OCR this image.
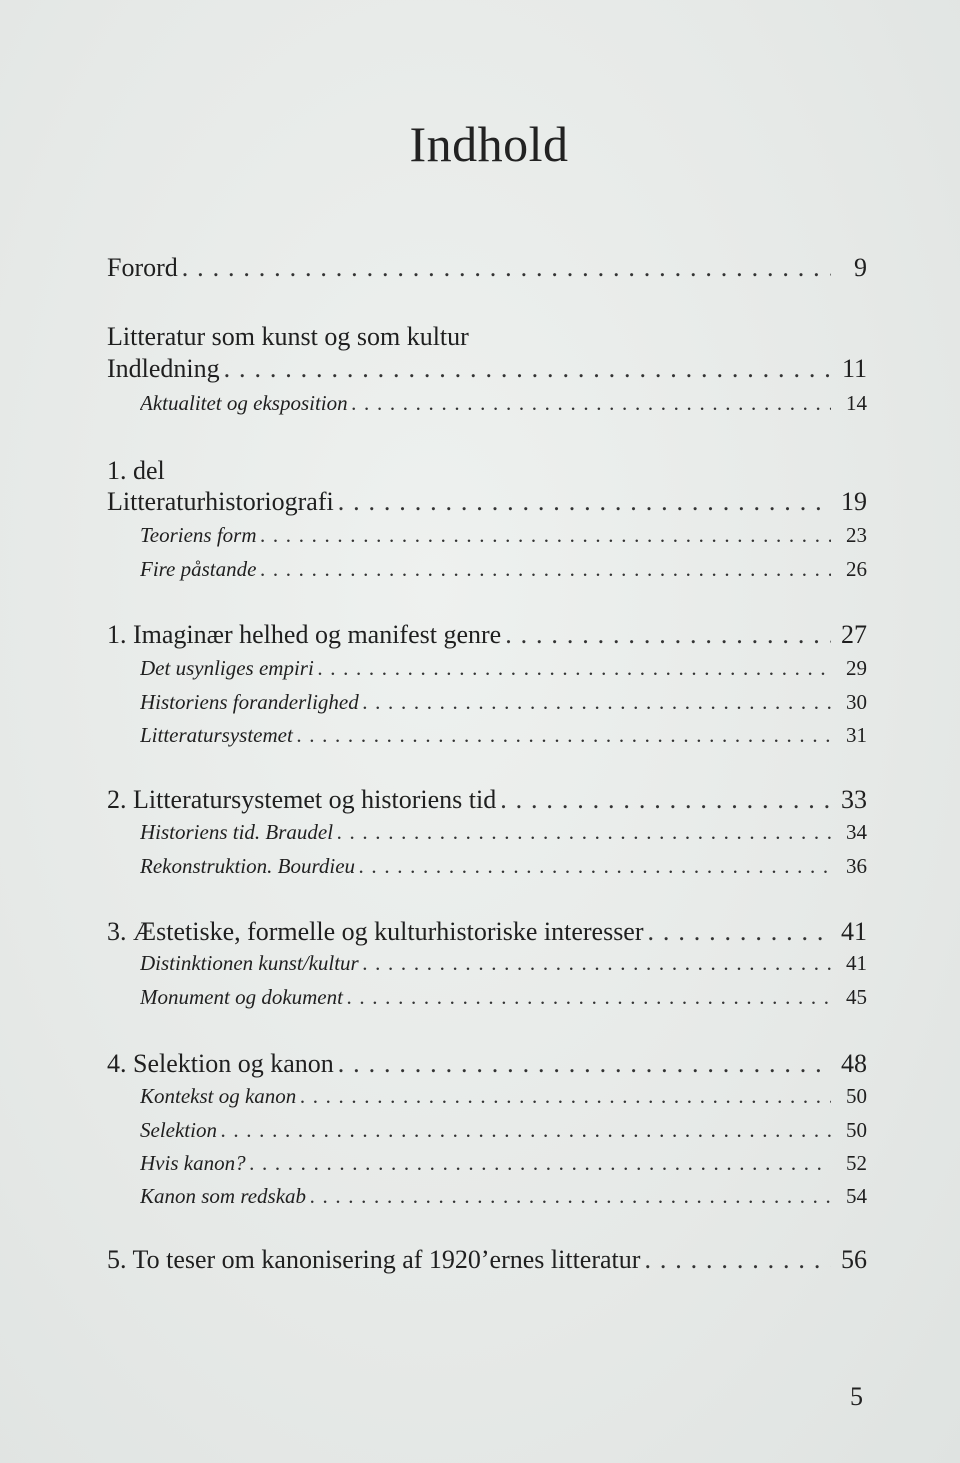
Indhold
Forord . . .	9
Litteratur som kunst og som kultur
Indledning . . .	11
Aktualitet og eksposition . . .	14
1. del
Litteraturhistoriografi . . .	19
Teoriens form . . .	23
Fire påstande . . .	26
1. Imaginær helhed og manifest genre . . .	27
Det usynliges empiri . . .	29
Historiens foranderlighed . . .	30
Litteratursystemet . . .	31
2. Litteratursystemet og historiens tid . . .	33
Historiens tid. Braudel . . .	34
Rekonstruktion. Bourdieu . . .	36
3. Æstetiske, formelle og kulturhistoriske interesser . . .	41
Distinktionen kunst/kultur . . .	41
Monument og dokument . . .	45
4. Selektion og kanon . . .	48
Kontekst og kanon . . .	50
Selektion . . .	50
Hvis kanon? . . .	52
Kanon som redskab . . .	54
5. To teser om kanonisering af 1920’ernes litteratur . . .	56
5
